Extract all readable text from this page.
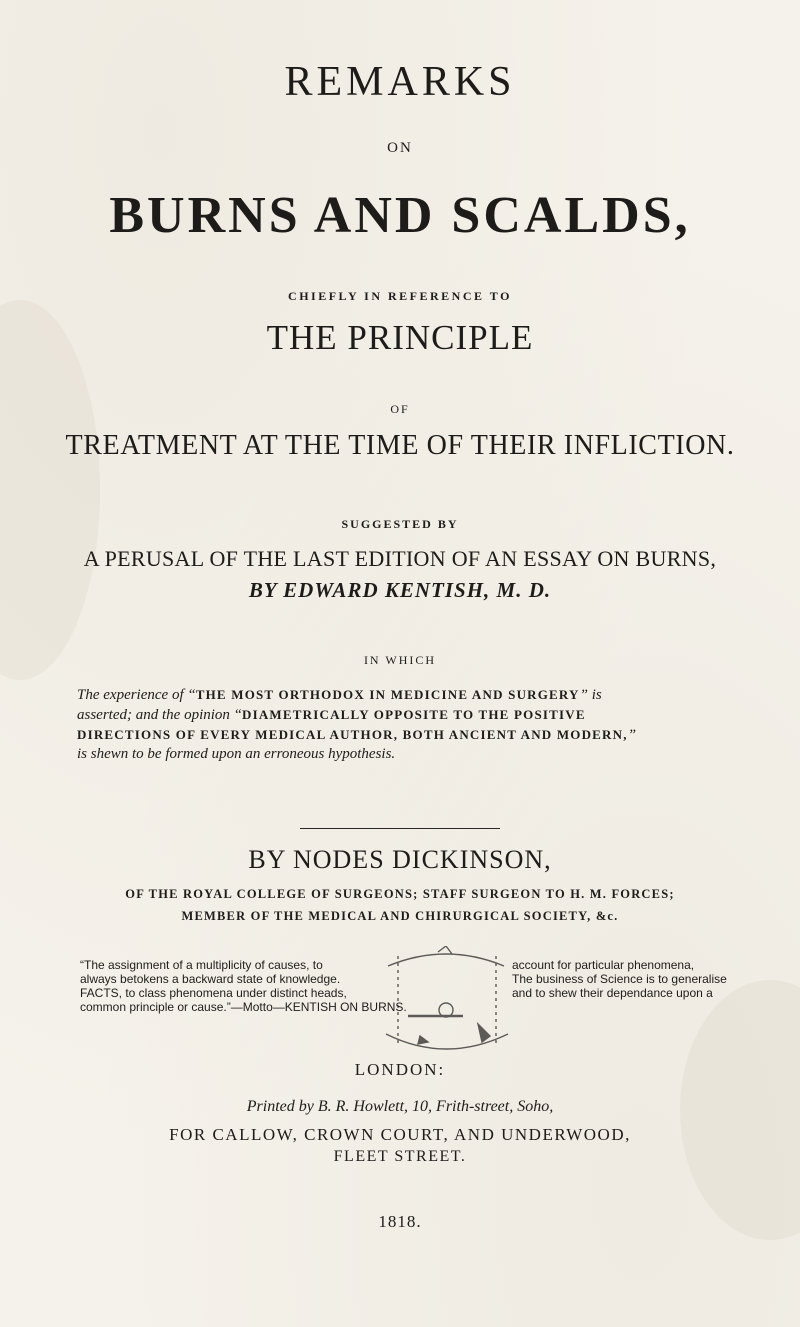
REMARKS
ON
BURNS AND SCALDS,
CHIEFLY IN REFERENCE TO
THE PRINCIPLE
OF
TREATMENT AT THE TIME OF THEIR INFLICTION.
SUGGESTED BY
A PERUSAL OF THE LAST EDITION OF AN ESSAY ON BURNS,
BY EDWARD KENTISH, M. D.
IN WHICH
The experience of “THE MOST ORTHODOX IN MEDICINE AND SURGERY” is
asserted; and the opinion “DIAMETRICALLY OPPOSITE TO THE POSITIVE
DIRECTIONS OF EVERY MEDICAL AUTHOR, BOTH ANCIENT AND MODERN,”
is shewn to be formed upon an erroneous hypothesis.
BY NODES DICKINSON,
OF THE ROYAL COLLEGE OF SURGEONS; STAFF SURGEON TO H. M. FORCES;
MEMBER OF THE MEDICAL AND CHIRURGICAL SOCIETY, &c.
“The assignment of a multiplicity of causes, to
always betokens a backward state of knowledge.
FACTS, to class phenomena under distinct heads,
common principle or cause.”—Motto—KENTISH ON BURNS.
account for particular phenomena,
The business of Science is to generalise
and to shew their dependance upon a
LONDON:
Printed by B. R. Howlett, 10, Frith-street, Soho,
FOR CALLOW, CROWN COURT, AND UNDERWOOD,
FLEET STREET.
1818.
